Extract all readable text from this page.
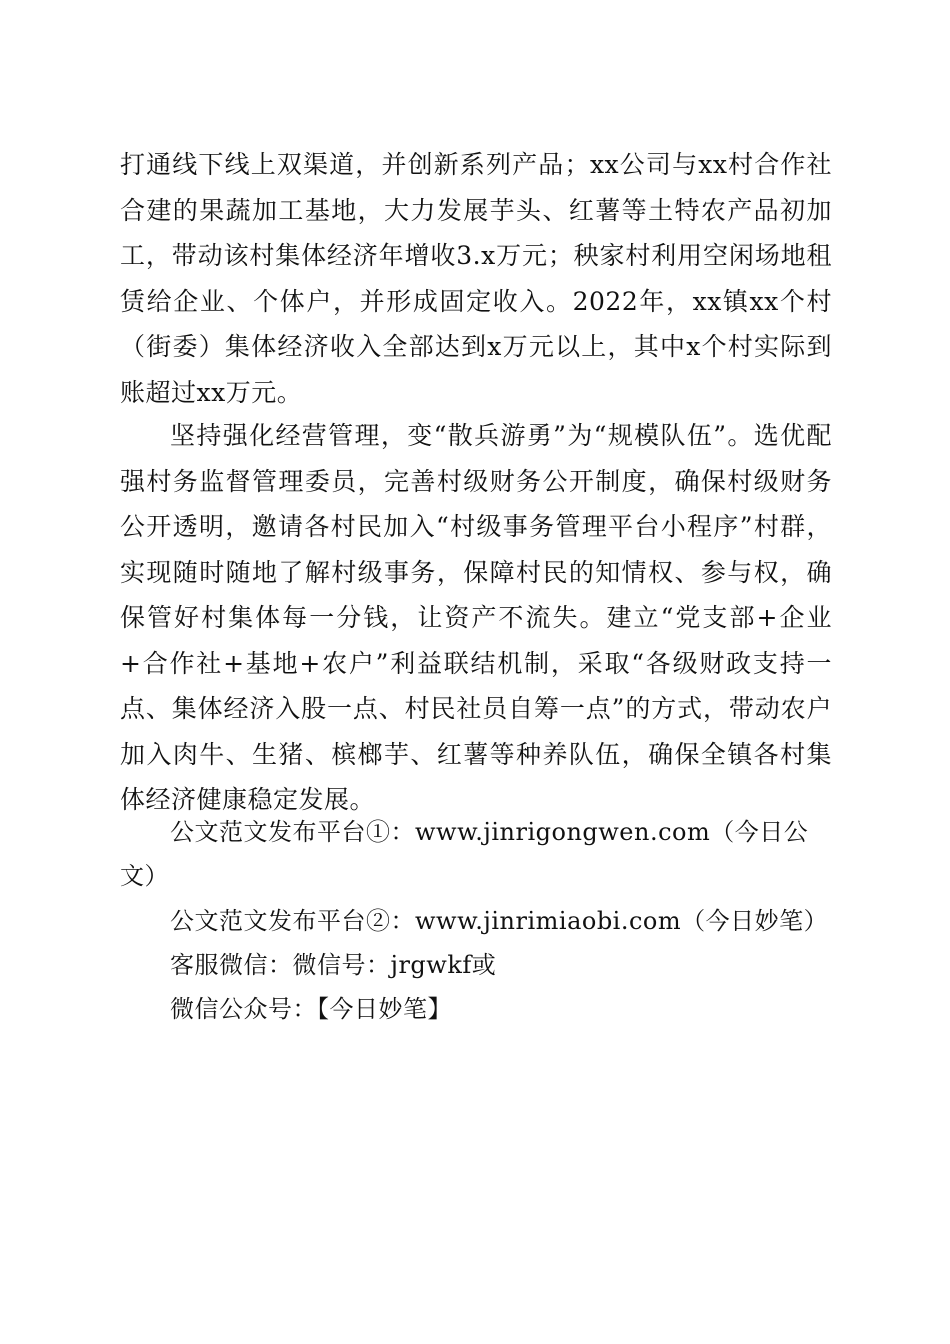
打通线下线上双渠道，并创新系列产品；xx公司与xx村合作社合建的果蔬加工基地，大力发展芋头、红薯等土特农产品初加工，带动该村集体经济年增收3.x万元；秧家村利用空闲场地租赁给企业、个体户，并形成固定收入。2022年，xx镇xx个村（街委）集体经济收入全部达到x万元以上，其中x个村实际到账超过xx万元。

坚持强化经营管理，变“散兵游勇”为“规模队伍”。选优配强村务监督管理委员，完善村级财务公开制度，确保村级财务公开透明，邀请各村民加入“村级事务管理平台小程序”村群，实现随时随地了解村级事务，保障村民的知情权、参与权，确保管好村集体每一分钱，让资产不流失。建立“党支部+企业+合作社+基地+农户”利益联结机制，采取“各级财政支持一点、集体经济入股一点、村民社员自筹一点”的方式，带动农户加入肉牛、生猪、槟榔芋、红薯等种养队伍，确保全镇各村集体经济健康稳定发展。

公文范文发布平台①：www.jinrigongwen.com（今日公文）
公文范文发布平台②：www.jinrimiaobi.com（今日妙笔）
客服微信：微信号：jrgwkf或
微信公众号：【今日妙笔】
